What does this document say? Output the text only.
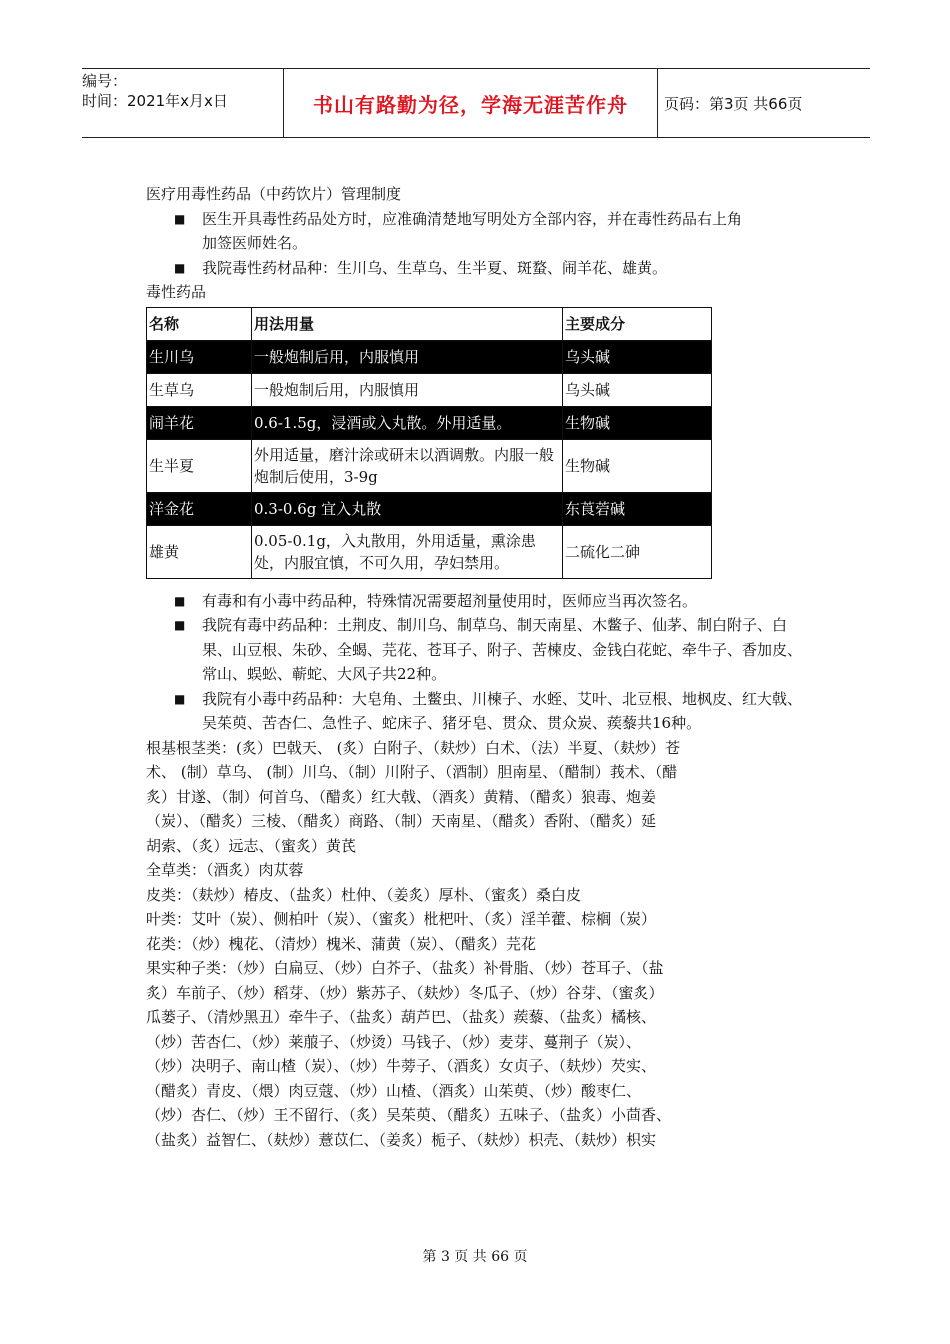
编号：
时间：2021年x月x日	书山有路勤为径，学海无涯苦作舟	页码：第3页 共66页
医疗用毒性药品（中药饮片）管理制度
■	医生开具毒性药品处方时，应准确清楚地写明处方全部内容，并在毒性药品右上角
加签医师姓名。
■	我院毒性药材品种：生川乌、生草乌、生半夏、斑蝥、闹羊花、雄黄。
毒性药品
名称	用法用量	主要成分
生川乌	一般炮制后用，内服慎用	乌头碱
生草乌	一般炮制后用，内服慎用	乌头碱
闹羊花	0.6-1.5g，浸酒或入丸散。外用适量。	生物碱
生半夏	外用适量，磨汁涂或研末以酒调敷。内服一般炮制后使用，3-9g	生物碱
洋金花	0.3-0.6g 宜入丸散	东莨菪碱
雄黄	0.05-0.1g，入丸散用，外用适量，熏涂患处，内服宜慎，不可久用，孕妇禁用。	二硫化二砷
■	有毒和有小毒中药品种，特殊情况需要超剂量使用时，医师应当再次签名。
■	我院有毒中药品种：土荆皮、制川乌、制草乌、制天南星、木鳖子、仙茅、制白附子、白果、山豆根、朱砂、全蝎、芫花、苍耳子、附子、苦楝皮、金钱白花蛇、牵牛子、香加皮、常山、蜈蚣、蕲蛇、大风子共22种。
■	我院有小毒中药品种：大皂角、土鳖虫、川楝子、水蛭、艾叶、北豆根、地枫皮、红大戟、吴茱萸、苦杏仁、急性子、蛇床子、猪牙皂、贯众、贯众炭、蒺藜共16种。
根基根茎类：(炙）巴戟天、 (炙）白附子、（麸炒）白术、（法）半夏、（麸炒）苍
术、 (制）草乌、 (制）川乌、（制）川附子、（酒制）胆南星、（醋制）莪术、（醋
炙）甘遂、（制）何首乌、（醋炙）红大戟、（酒炙）黄精、（醋炙）狼毒、炮姜
（炭）、（醋炙）三棱、（醋炙）商路、（制）天南星、（醋炙）香附、（醋炙）延
胡索、（炙）远志、（蜜炙）黄芪
全草类：（酒炙）肉苁蓉
皮类：（麸炒）椿皮、（盐炙）杜仲、（姜炙）厚朴、（蜜炙）桑白皮
叶类：艾叶（炭）、侧柏叶（炭）、（蜜炙）枇杷叶、（炙）淫羊藿、棕榈（炭）
花类：（炒）槐花、（清炒）槐米、蒲黄（炭）、（醋炙）芫花
果实种子类：（炒）白扁豆、（炒）白芥子、（盐炙）补骨脂、（炒）苍耳子、（盐
炙）车前子、（炒）稻芽、（炒）紫苏子、（麸炒）冬瓜子、（炒）谷芽、（蜜炙）
瓜蒌子、（清炒黑丑）牵牛子、（盐炙）葫芦巴、（盐炙）蒺藜、（盐炙）橘核、
（炒）苦杏仁、（炒）莱菔子、（炒烫）马钱子、（炒）麦芽、蔓荆子（炭）、
（炒）决明子、南山楂（炭）、（炒）牛蒡子、（酒炙）女贞子、（麸炒）芡实、
（醋炙）青皮、（煨）肉豆蔻、（炒）山楂、（酒炙）山茱萸、（炒）酸枣仁、
（炒）杏仁、（炒）王不留行、（炙）吴茱萸、（醋炙）五味子、（盐炙）小茴香、
（盐炙）益智仁、（麸炒）薏苡仁、（姜炙）栀子、（麸炒）枳壳、（麸炒）枳实
第 3 页 共 66 页
